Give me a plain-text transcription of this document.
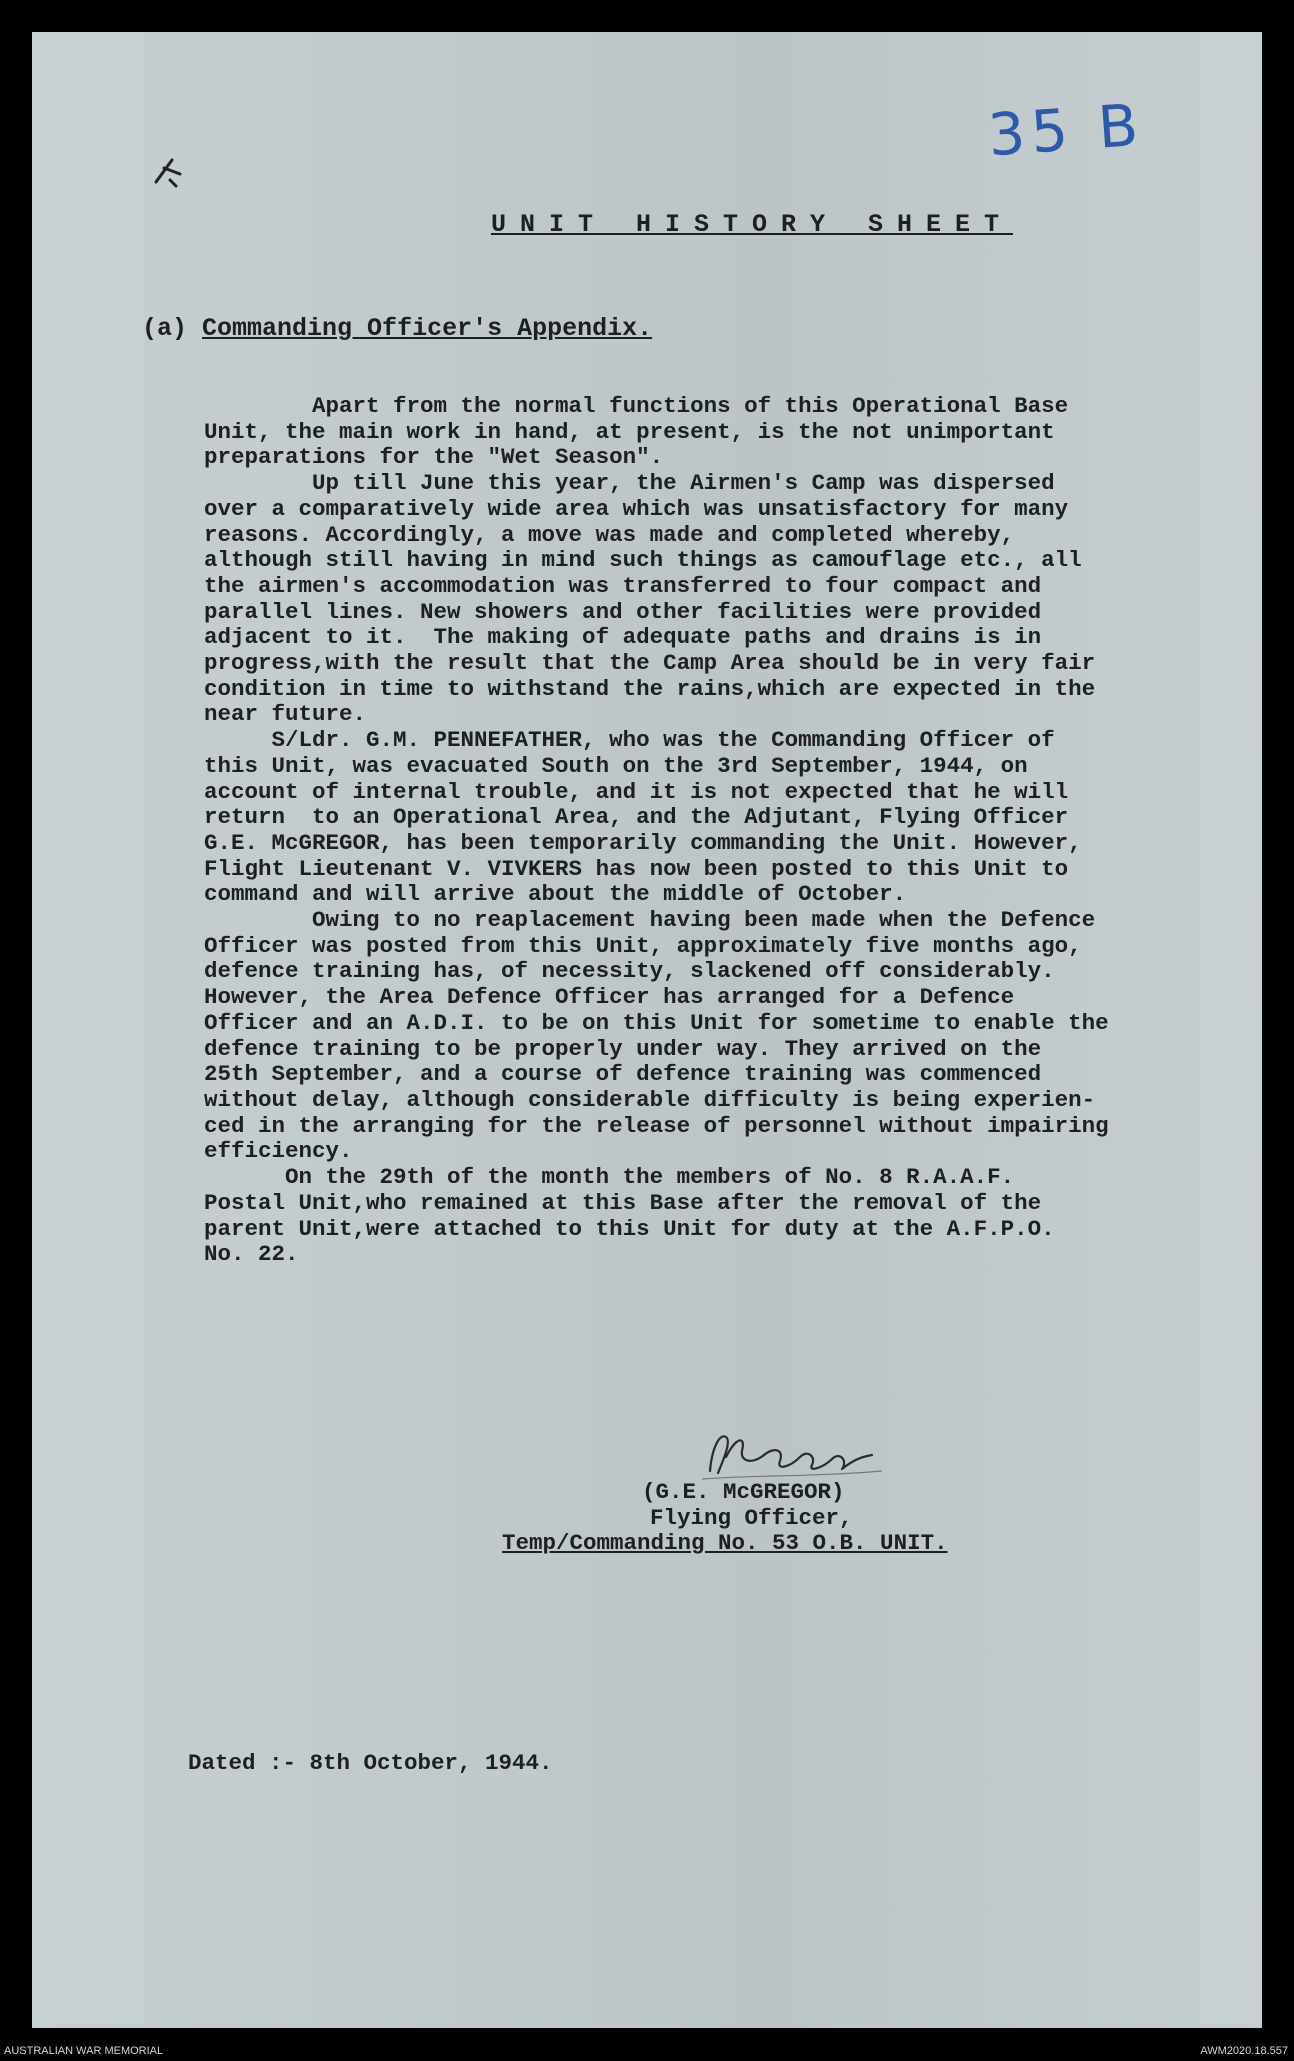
35 B
UNIT HISTORY SHEET
(a) Commanding Officer's Appendix.

Apart from the normal functions of this Operational Base

Unit, the main work in hand, at present, is the not unimportant

preparations for the "Wet Season".

Up till June this year, the Airmen's Camp was dispersed

over a comparatively wide area which was unsatisfactory for many

reasons. Accordingly, a move was made and completed whereby,

although still having in mind such things as camouflage etc., all

the airmen's accommodation was transferred to four compact and

parallel lines. New showers and other facilities were provided

adjacent to it.  The making of adequate paths and drains is in

progress,with the result that the Camp Area should be in very fair

condition in time to withstand the rains,which are expected in the

near future.

S/Ldr. G.M. PENNEFATHER, who was the Commanding Officer of

this Unit, was evacuated South on the 3rd September, 1944, on

account of internal trouble, and it is not expected that he will

return  to an Operational Area, and the Adjutant, Flying Officer

G.E. McGREGOR, has been temporarily commanding the Unit. However,

Flight Lieutenant V. VIVKERS has now been posted to this Unit to

command and will arrive about the middle of October.

Owing to no reaplacement having been made when the Defence

Officer was posted from this Unit, approximately five months ago,

defence training has, of necessity, slackened off considerably.

However, the Area Defence Officer has arranged for a Defence

Officer and an A.D.I. to be on this Unit for sometime to enable the

defence training to be properly under way. They arrived on the

25th September, and a course of defence training was commenced

without delay, although considerable difficulty is being experien-

ced in the arranging for the release of personnel without impairing

efficiency.

On the 29th of the month the members of No. 8 R.A.A.F.

Postal Unit,who remained at this Base after the removal of the

parent Unit,were attached to this Unit for duty at the A.F.P.O.

No. 22.

(G.E. McGREGOR)
Flying Officer,
Temp/Commanding No. 53 O.B. UNIT.
Dated :- 8th October, 1944.
AUSTRALIAN WAR MEMORIAL	AWM2020.18.557
